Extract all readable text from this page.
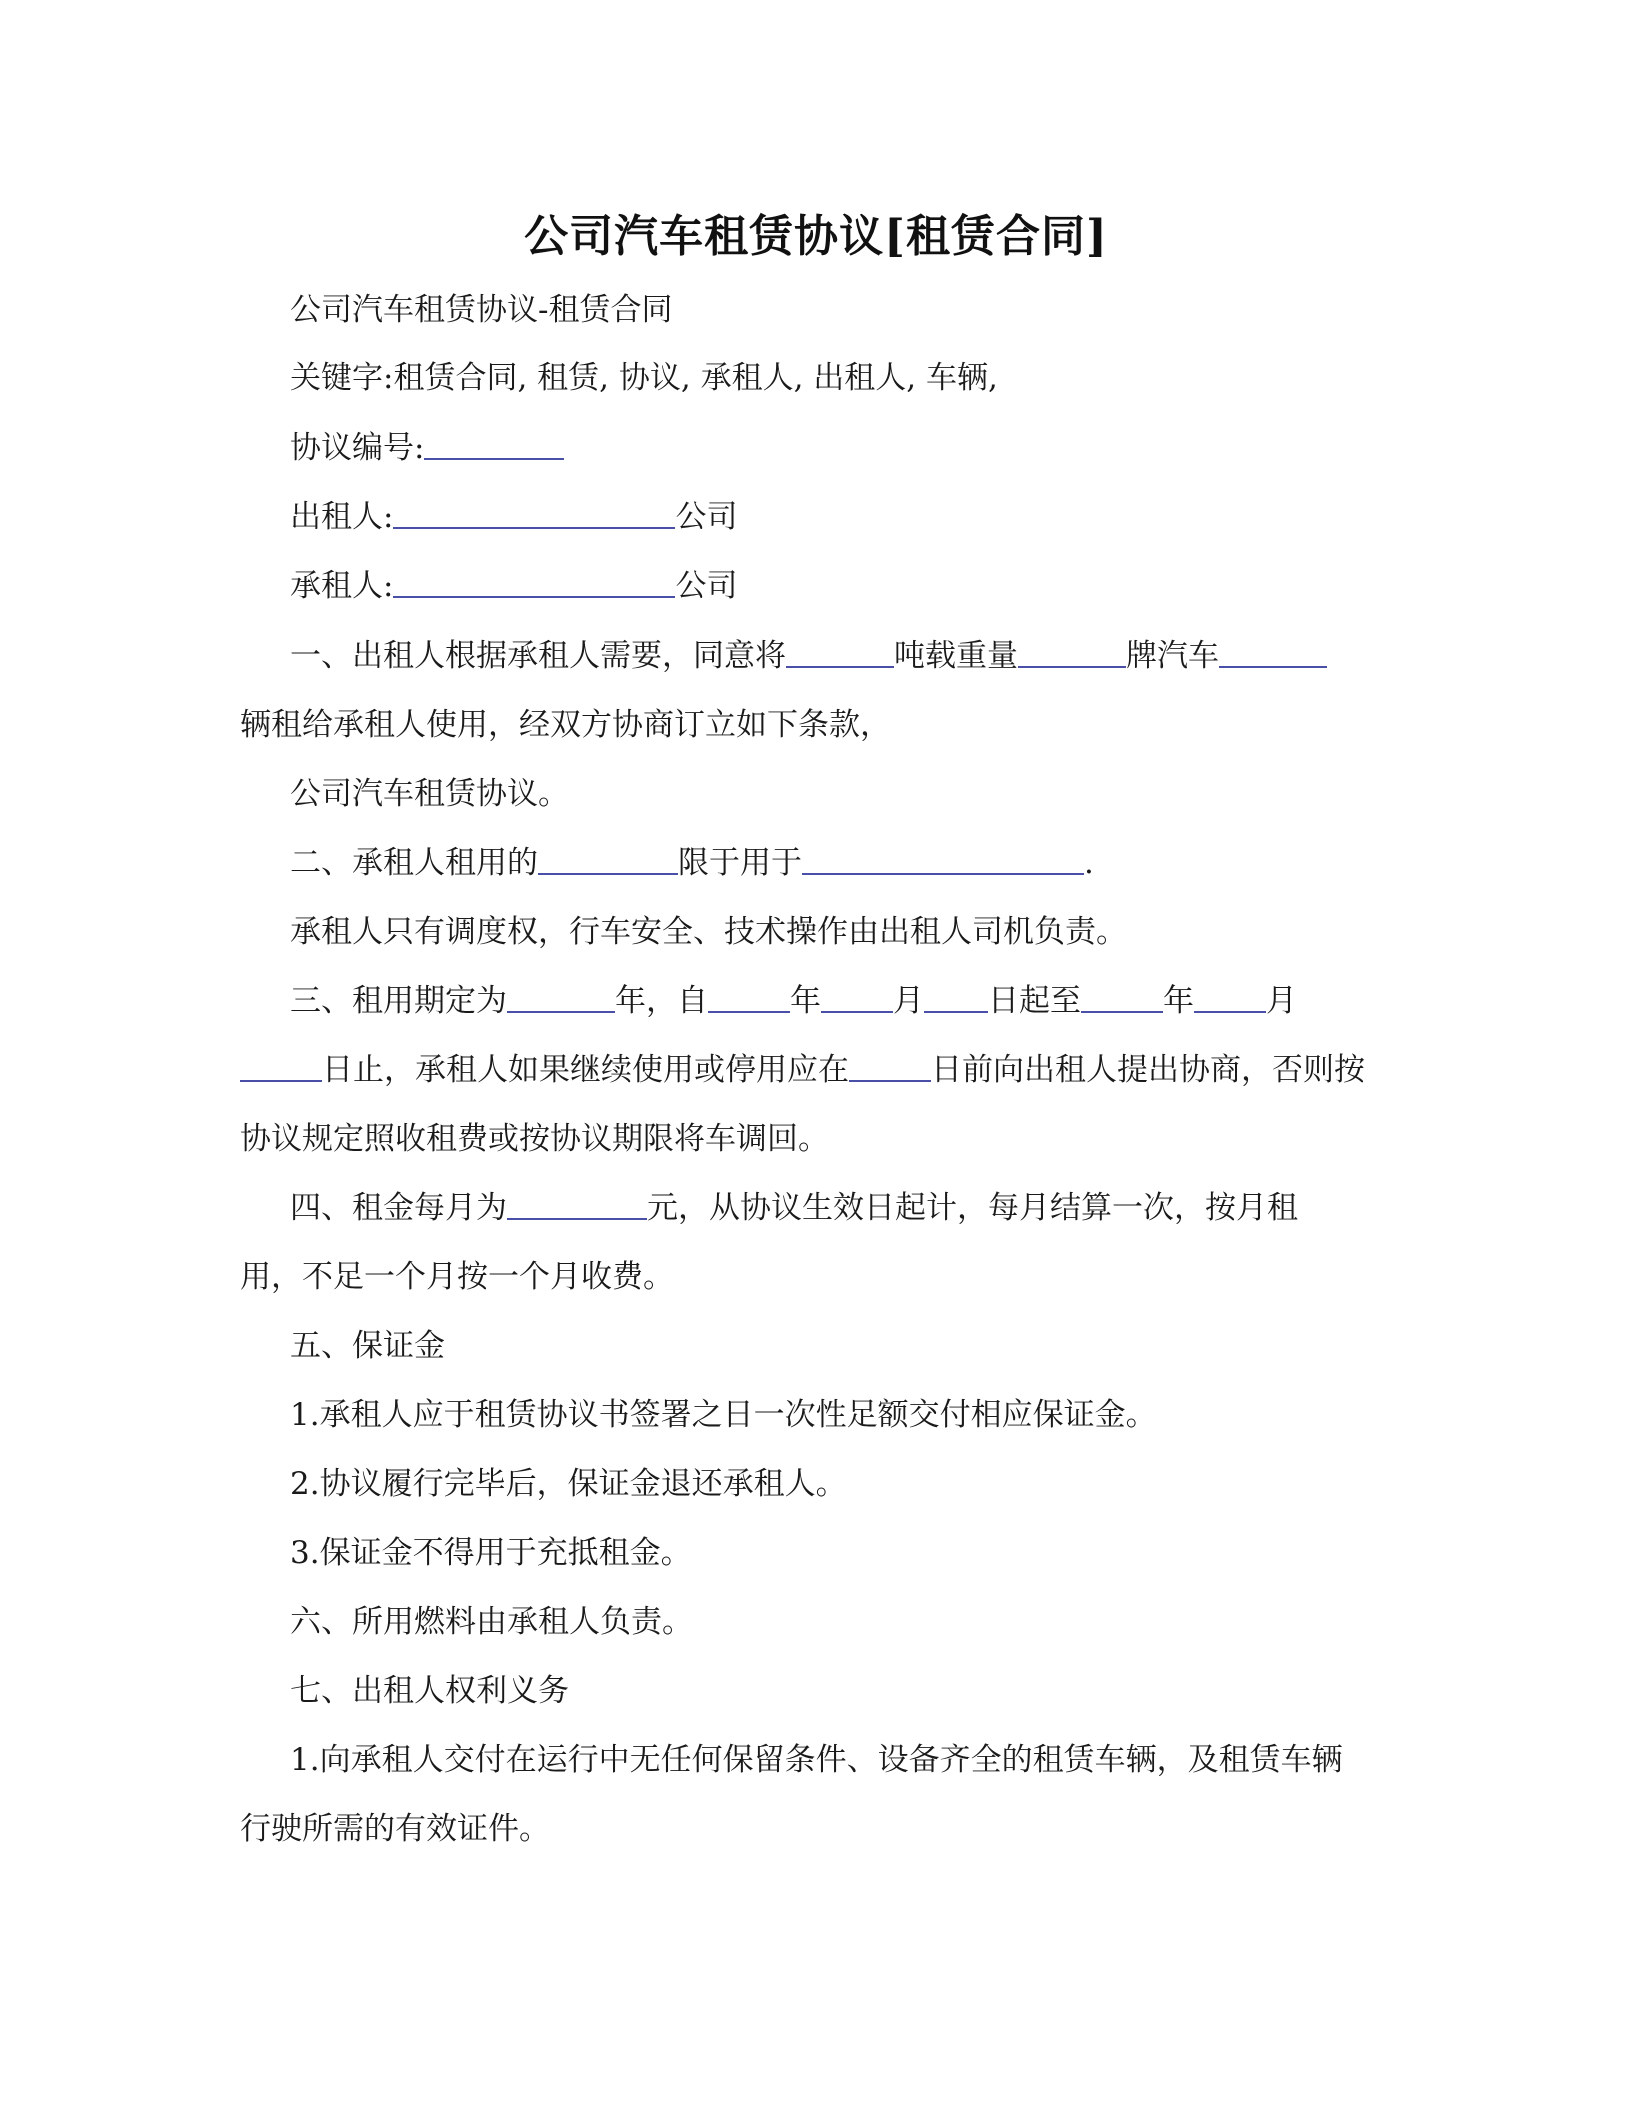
公司汽车租赁协议[租赁合同]
公司汽车租赁协议-租赁合同
关键字:租赁合同, 租赁, 协议, 承租人, 出租人, 车辆,
协议编号:
出租人:	公司
承租人:	公司
一、出租人根据承租人需要，同意将	吨载重量	牌汽车
辆租给承租人使用，经双方协商订立如下条款，
公司汽车租赁协议。
二、承租人租用的	限于用于	.
承租人只有调度权，行车安全、技术操作由出租人司机负责。
三、租用期定为	年，自	年 月 日起至	年 月
日止，承租人如果继续使用或停用应在	日前向出租人提出协商，否则按
协议规定照收租费或按协议期限将车调回。
四、租金每月为	元，从协议生效日起计，每月结算一次，按月租
用，不足一个月按一个月收费。
五、保证金
1.承租人应于租赁协议书签署之日一次性足额交付相应保证金。
2.协议履行完毕后，保证金退还承租人。
3.保证金不得用于充抵租金。
六、所用燃料由承租人负责。
七、出租人权利义务
1.向承租人交付在运行中无任何保留条件、设备齐全的租赁车辆，及租赁车辆
行驶所需的有效证件。
